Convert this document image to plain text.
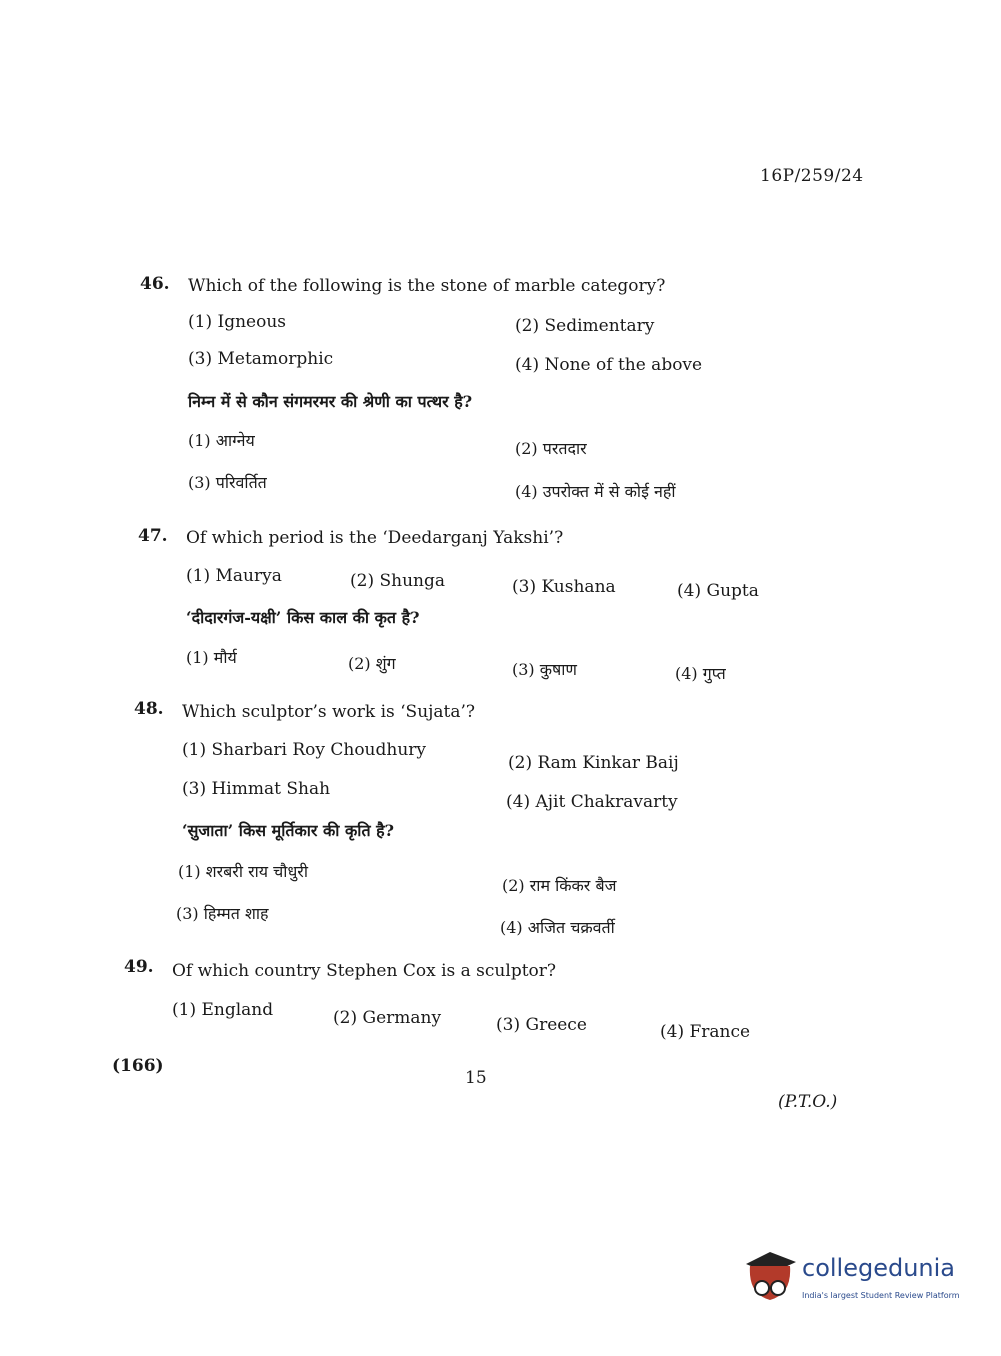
16P/259/24
46. Which of the following is the stone of marble category?
(1) Igneous	(2) Sedimentary
(3) Metamorphic	(4) None of the above
निम्न में से कौन संगमरमर की श्रेणी का पत्थर है?
(1) आग्नेय	(2) परतदार
(3) परिवर्तित	(4) उपरोक्त में से कोई नहीं
47. Of which period is the ‘Deedarganj Yakshi’?
(1) Maurya	(2) Shunga	(3) Kushana	(4) Gupta
‘दीदारगंज-यक्षी’ किस काल की कृत है?
(1) मौर्य	(2) शुंग	(3) कुषाण	(4) गुप्त
48. Which sculptor’s work is ‘Sujata’?
(1) Sharbari Roy Choudhury
(2) Ram Kinkar Baij
(3) Himmat Shah
(4) Ajit Chakravarty
‘सुजाता’ किस मूर्तिकार की कृति है?
(1) शरबरी राय चौधुरी
(2) राम किंकर बैज
(3) हिम्मत शाह
(4) अजित चक्रवर्ती
49. Of which country Stephen Cox is a sculptor?
(1) England	(2) Germany	(3) Greece	(4) France
(166)
15
(P.T.O.)
collegedunia
India's largest Student Review Platform
